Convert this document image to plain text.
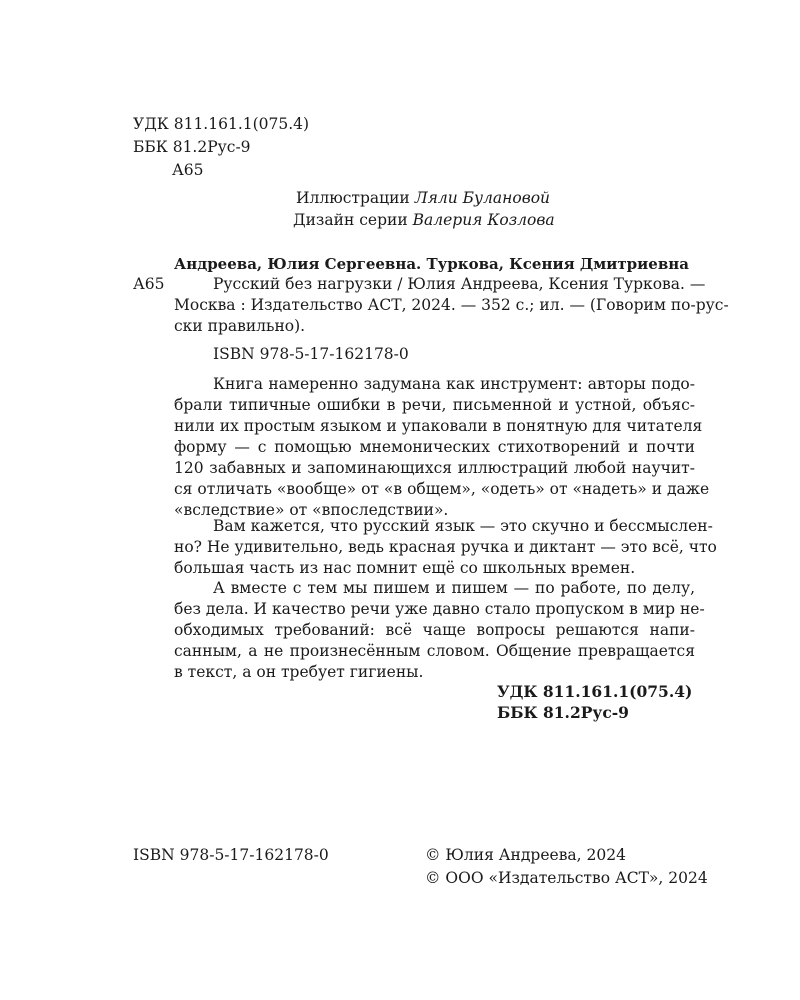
УДК 811.161.1(075.4)

ББК 81.2Рус-9

А65

Иллюстрации Ляли Булановой

Дизайн серии Валерия Козлова

Андреева, Юлия Сергеевна. Туркова, Ксения Дмитриевна

А65	Русский без нагрузки / Юлия Андреева, Ксения Туркова. —

Москва : Издательство АСТ, 2024. — 352 с.; ил. — (Говорим по-рус-

ски правильно).

ISBN 978-5-17-162178-0

Книга намеренно задумана как инструмент: авторы подо-

брали типичные ошибки в речи, письменной и устной, объяс-

нили их простым языком и упаковали в понятную для читателя

форму — с помощью мнемонических стихотворений и почти

120 забавных и запоминающихся иллюстраций любой научит-

ся отличать «вообще» от «в общем», «одеть» от «надеть» и даже

«вследствие» от «впоследствии».

Вам кажется, что русский язык — это скучно и бессмыслен-

но? Не удивительно, ведь красная ручка и диктант — это всё, что

большая часть из нас помнит ещё со школьных времен.

А вместе с тем мы пишем и пишем — по работе, по делу,

без дела. И качество речи уже давно стало пропуском в мир не-

обходимых требований: всё чаще вопросы решаются напи-

санным, а не произнесённым словом. Общение превращается

в текст, а он требует гигиены.

УДК 811.161.1(075.4)

ББК 81.2Рус-9

ISBN 978-5-17-162178-0	© Юлия Андреева, 2024

© ООО «Издательство АСТ», 2024
